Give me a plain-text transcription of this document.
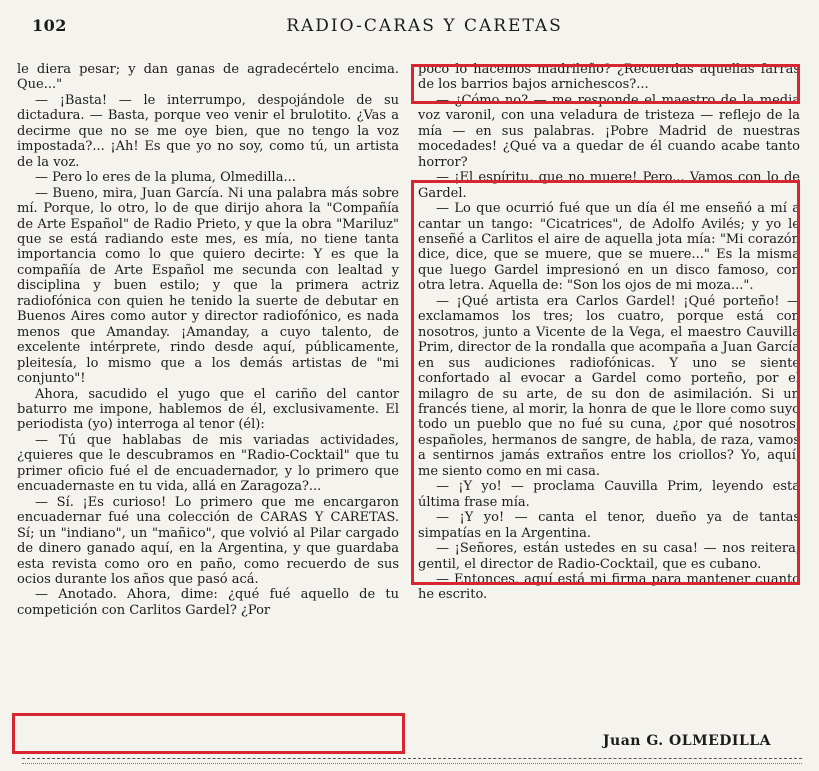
102	RADIO-CARAS Y CARETAS

le diera pesar; y dan ganas de agradecértelo encima. Que..."

— ¡Basta! — le interrumpo, despojándole de su dictadura. — Basta, porque veo venir el brulotito. ¿Vas a decirme que no se me oye bien, que no tengo la voz impostada?... ¡Ah! Es que yo no soy, como tú, un artista de la voz.

— Pero lo eres de la pluma, Olmedilla...

— Bueno, mira, Juan García. Ni una palabra más sobre mí. Porque, lo otro, lo de que dirijo ahora la "Compañía de Arte Español" de Radio Prieto, y que la obra "Mariluz" que se está radiando este mes, es mía, no tiene tanta importancia como lo que quiero decirte: Y es que la compañía de Arte Español me secunda con lealtad y disciplina y buen estilo; y que la primera actriz radiofónica con quien he tenido la suerte de debutar en Buenos Aires como autor y director radiofónico, es nada menos que Amanday. ¡Amanday, a cuyo talento, de excelente intérprete, rindo desde aquí, públicamente, pleitesía, lo mismo que a los demás artistas de "mi conjunto"!

Ahora, sacudido el yugo que el cariño del cantor baturro me impone, hablemos de él, exclusivamente. El periodista (yo) interroga al tenor (él):

— Tú que hablabas de mis variadas actividades, ¿quieres que le descubramos en "Radio-Cocktail" que tu primer oficio fué el de encuadernador, y lo primero que encuadernaste en tu vida, allá en Zaragoza?...

— Sí. ¡Es curioso! Lo primero que me encargaron encuadernar fué una colección de CARAS Y CARETAS. Sí; un "indiano", un "mañico", que volvió al Pilar cargado de dinero ganado aquí, en la Argentina, y que guardaba esta revista como oro en paño, como recuerdo de sus ocios durante los años que pasó acá.

— Anotado. Ahora, dime: ¿qué fué aquello de tu competición con Carlitos Gardel? ¿Por

poco lo hacemos madrileño? ¿Recuerdas aquellas farras de los barrios bajos arnichescos?...

— ¿Cómo no? — me responde el maestro de la media voz varonil, con una veladura de tristeza — reflejo de la mía — en sus palabras. ¡Pobre Madrid de nuestras mocedades! ¿Qué va a quedar de él cuando acabe tanto horror?

— ¡El espíritu, que no muere! Pero... Vamos con lo de Gardel.

— Lo que ocurrió fué que un día él me enseñó a mí a cantar un tango: "Cicatrices", de Adolfo Avilés; y yo le enseñé a Carlitos el aire de aquella jota mía: "Mi corazón dice, dice, que se muere, que se muere..." Es la misma que luego Gardel impresionó en un disco famoso, con otra letra. Aquella de: "Son los ojos de mi moza...".

— ¡Qué artista era Carlos Gardel! ¡Qué porteño! — exclamamos los tres; los cuatro, porque está con nosotros, junto a Vicente de la Vega, el maestro Cauvilla Prim, director de la rondalla que acompaña a Juan García en sus audiciones radiofónicas. Y uno se siente confortado al evocar a Gardel como porteño, por el milagro de su arte, de su don de asimilación. Si un francés tiene, al morir, la honra de que le llore como suyo todo un pueblo que no fué su cuna, ¿por qué nosotros, españoles, hermanos de sangre, de habla, de raza, vamos a sentirnos jamás extraños entre los criollos? Yo, aquí, me siento como en mi casa.

— ¡Y yo! — proclama Cauvilla Prim, leyendo esta última frase mía.

— ¡Y yo! — canta el tenor, dueño ya de tantas simpatías en la Argentina.

— ¡Señores, están ustedes en su casa! — nos reitera, gentil, el director de Radio-Cocktail, que es cubano.

— Entonces, aquí está mi firma para mantener cuanto he escrito.

Juan G. OLMEDILLA
